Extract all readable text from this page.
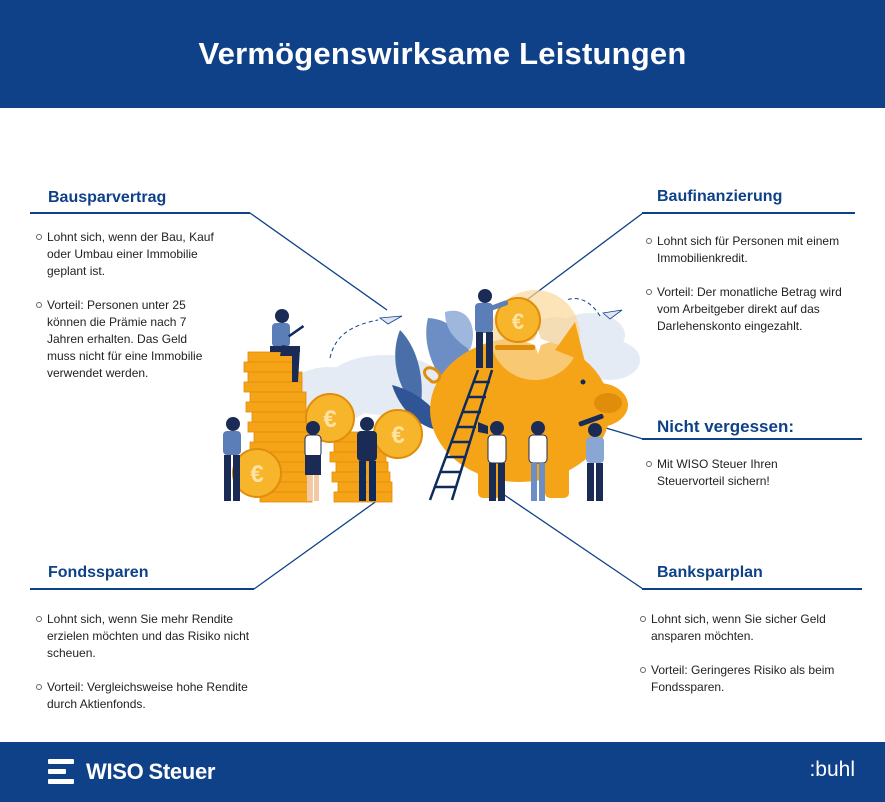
Vermögenswirksame Leistungen
Bausparvertrag
Lohnt sich, wenn der Bau, Kauf oder Umbau einer Immobilie geplant ist.
Vorteil: Personen unter 25 können die Prämie nach 7 Jahren erhalten. Das Geld muss nicht für eine Immobilie verwendet werden.
Baufinanzierung
Lohnt sich für Personen mit einem Immobilienkredit.
Vorteil: Der monatliche Betrag wird vom Arbeitgeber direkt auf das Darlehenskonto eingezahlt.
Nicht vergessen:
Mit WISO Steuer Ihren Steuervorteil sichern!
Fondssparen
Lohnt sich, wenn Sie mehr Rendite erzielen möchten und das Risiko nicht scheuen.
Vorteil: Vergleichsweise hohe Rendite durch Aktienfonds.
Banksparplan
Lohnt sich, wenn Sie sicher Geld ansparen möchten.
Vorteil: Geringeres Risiko als beim Fondssparen.
€
€
€
€
WISO Steuer	:buhl
